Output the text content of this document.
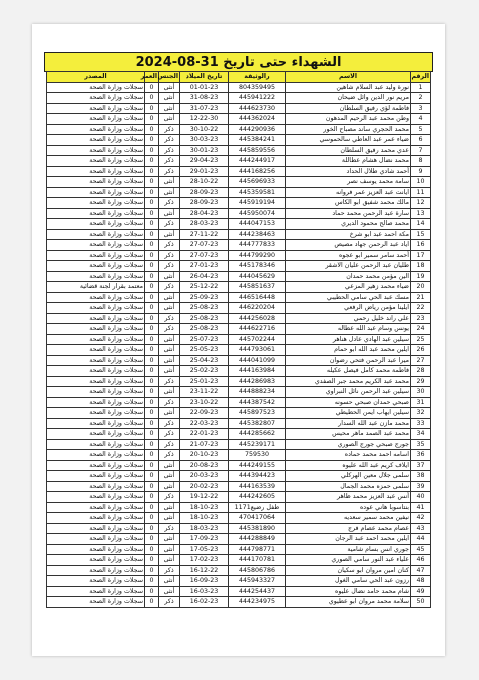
الشهداء حتى تاريخ 31-08-2024
الرقم	الاسم	رالوثيقة	تاريخ الميلاد	الجنس	العمر	المصدر
1	نورة وليد عبد السلام شاهين	804359495	01-01-23	أنثى	0	سجلات وزارة الصحة
2	مريم نور الدين وائل ضيحان	445941222	31-08-23	أنثى	0	سجلات وزارة الصحة
3	فاطمة لؤي رفيق السلطان	444623730	31-07-23	أنثى	0	سجلات وزارة الصحة
4	وطن محمد عبد الرحيم المدهون	444362024	12-22-30	أنثى	0	سجلات وزارة الصحة
5	محمد الحجري ساند مصباح الخور	444290936	30-10-22	ذكر	0	سجلات وزارة الصحة
6	ضياء عمر عبد العاطي سالحموسي	445384241	30-03-23	ذكر	0	سجلات وزارة الصحة
7	عدي محمد رفيق السلطان	445859556	30-01-23	ذكر	0	سجلات وزارة الصحة
8	محمد نضال هشام عطاللة	444244917	29-04-23	ذكر	0	سجلات وزارة الصحة
9	أحمد شادي طلال الحداد	444168256	29-01-23	ذكر	0	سجلات وزارة الصحة
10	سامة محمد يوسف نصر	445696933	28-10-22	أنثى	0	سجلات وزارة الصحة
11	ايانت عبد العزيز عمر فروانه	445359581	28-09-23	أنثى	0	سجلات وزارة الصحة
12	مالك محمد شفيق ابو الكاس	445919194	28-09-23	ذكر	0	سجلات وزارة الصحة
13	سارة عبد الرحمن محمد حماد	445950074	28-04-23	أنثى	0	سجلات وزارة الصحة
14	محمد صالح محمود الديري	444047153	28-03-23	ذكر	0	سجلات وزارة الصحة
15	مكة احمد عبد ابو شرخ	444238463	27-11-22	أنثى	0	سجلات وزارة الصحة
16	اياد عبد الرحمن جهاد مصيص	444777833	27-07-23	ذكر	0	سجلات وزارة الصحة
17	أحمد سامر سمير ابو عجوه	444799290	27-07-23	ذكر	0	سجلات وزارة الصحة
18	طليان عبد الرحمن عليان الاشقر	445178346	27-01-23	ذكر	0	سجلات وزارة الصحة
19	الين مؤمن محمد حمدان	444045629	26-04-23	أنثى	0	سجلات وزارة الصحة
20	ضياء محمد زهير المزعي	445851637	25-12-22	ذكر	0	معتمد بقرار لجنة قضائية
21	مسك عبد الحي سامي الحطيبي	446516448	25-09-23	أنثى	0	سجلات وزارة الصحة
22	ايلينا مؤمن رياض الرفعي	446220204	25-08-23	أنثى	0	سجلات وزارة الصحة
23	علي راند خليل رحمي	444256028	25-08-23	ذكر	0	سجلات وزارة الصحة
24	يونس وسام عبد الله عطاله	444622716	25-08-23	ذكر	0	سجلات وزارة الصحة
25	سيلين عبد الهادي عادل هناهر	445702244	25-07-23	أنثى	0	سجلات وزارة الصحة
26	ايلين محمد عبد الله ابو حمام	444793061	25-05-23	أنثى	0	سجلات وزارة الصحة
27	ميرا عبد الرحمن فتحي رضوان	444041099	25-04-23	أنثى	0	سجلات وزارة الصحة
28	فاطمة محمد كامل فيصل عكيله	444163984	25-02-23	أنثى	0	سجلات وزارة الصحة
29	محمد عبد الكريم محمد جبر الصفدي	444286983	25-01-23	ذكر	0	سجلات وزارة الصحة
30	سيلين عبد الرحمن نائل النبراوي	444888234	23-11-22	أنثى	0	سجلات وزارة الصحة
31	صبحي حمدان صبحي حسونه	444387542	23-10-22	ذكر	0	سجلات وزارة الصحة
32	سيلين ايهاب ايمن الحطيطي	445897523	22-09-23	أنثى	0	سجلات وزارة الصحة
33	محمد مازن عبد الله السدار	445382807	22-03-23	ذكر	0	سجلات وزارة الصحة
34	محمد عبد الصمد ماهر محيس	444285662	22-01-23	ذكر	0	سجلات وزارة الصحة
35	جورج صبحي جورج الصوري	445239171	21-07-23	ذكر	0	سجلات وزارة الصحة
36	اسامه احمد محمد حماده	759530	20-10-23	ذكر	0	سجلات وزارة الصحة
37	ايلاف كريم عبد الله عليوه	444249155	20-08-23	أنثى	0	سجلات وزارة الصحة
38	سلمى جلال معين الهركلي	444394423	20-03-23	أنثى	0	سجلات وزارة الصحة
39	سلمى حمزه محمد الجمال	444163539	20-02-23	أنثى	0	سجلات وزارة الصحة
40	أنس عبد العزيز محمد ظاهر	444242605	19-12-22	ذكر	0	سجلات وزارة الصحة
41	بنتاسوبا هاني عوده	طفل رضيع1171	18-10-23	أنثى	0	سجلات وزارة الصحة
42	نيفين محمد سمير سعديه	470417064	18-10-23	أنثى	0	سجلات وزارة الصحة
43	عصام محمد عصام فرج	445381890	18-03-23	ذكر	0	سجلات وزارة الصحة
44	ايلين محمد احمد عبد الرجان	444288849	17-09-23	أنثى	0	سجلات وزارة الصحة
45	جوري انس بسام شامية	444798771	17-05-23	أنثى	0	سجلات وزارة الصحة
46	علياء عبد النور سامي الصوري	444170781	17-02-23	أنثى	0	سجلات وزارة الصحة
47	كنان امين مروان ابو سكيان	445806786	16-12-22	ذكر	0	سجلات وزارة الصحة
48	رزون عبد الحي سامي الغول	445943327	16-09-23	أنثى	0	سجلات وزارة الصحة
49	شام محمد حامد نضال عليوه	444254437	16-03-23	أنثى	0	سجلات وزارة الصحة
50	سلامة محمد مروان ابو عطيوي	444234975	16-02-23	ذكر	0	سجلات وزارة الصحة
